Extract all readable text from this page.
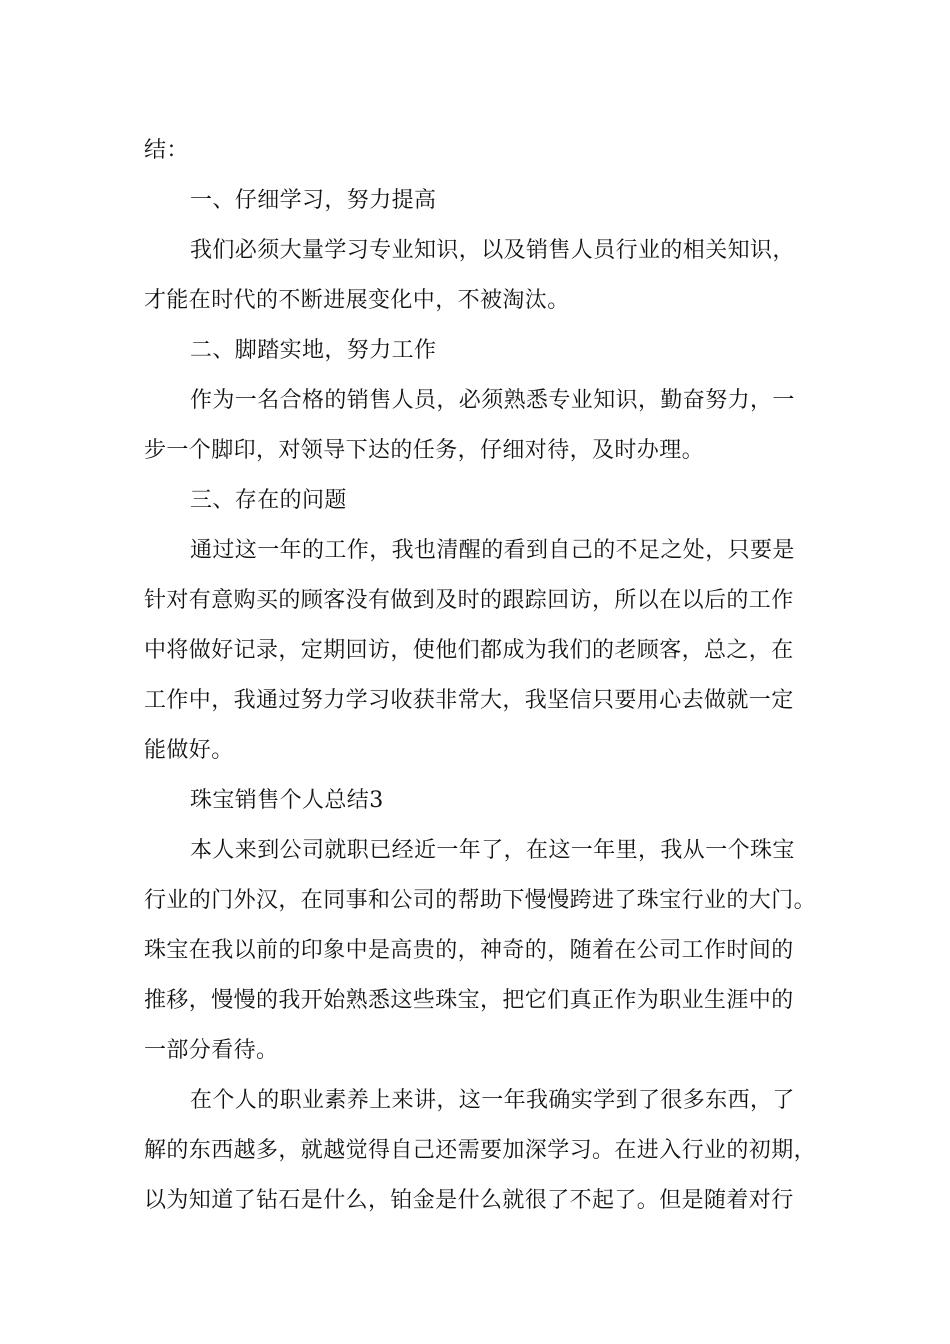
结：
一、仔细学习，努力提高
我们必须大量学习专业知识，以及销售人员行业的相关知识，
才能在时代的不断进展变化中，不被淘汰。
二、脚踏实地，努力工作
作为一名合格的销售人员，必须熟悉专业知识，勤奋努力，一
步一个脚印，对领导下达的任务，仔细对待，及时办理。
三、存在的问题
通过这一年的工作，我也清醒的看到自己的不足之处，只要是
针对有意购买的顾客没有做到及时的跟踪回访，所以在以后的工作
中将做好记录，定期回访，使他们都成为我们的老顾客，总之，在
工作中，我通过努力学习收获非常大，我坚信只要用心去做就一定
能做好。
珠宝销售个人总结3
本人来到公司就职已经近一年了，在这一年里，我从一个珠宝
行业的门外汉，在同事和公司的帮助下慢慢跨进了珠宝行业的大门。
珠宝在我以前的印象中是高贵的，神奇的，随着在公司工作时间的
推移，慢慢的我开始熟悉这些珠宝，把它们真正作为职业生涯中的
一部分看待。
在个人的职业素养上来讲，这一年我确实学到了很多东西，了
解的东西越多，就越觉得自己还需要加深学习。在进入行业的初期，
以为知道了钻石是什么，铂金是什么就很了不起了。但是随着对行
